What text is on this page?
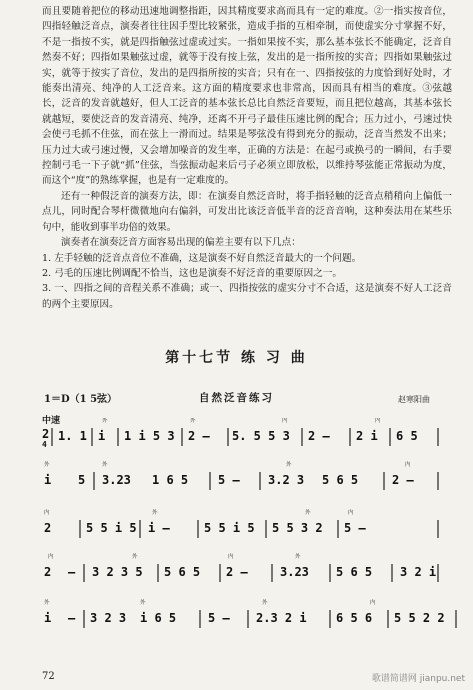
而且要随着把位的移动迅速地调整指距，因其精度要求高而具有一定的难度。②一指实按音位，四指轻触泛音点，演奏者往往因手型比较紧张，造成手指的互相牵制，而使虚实分寸掌握不好，不是一指按不实，就是四指触弦过虚或过实。一指如果按不实，那么基本弦长不能确定，泛音自然奏不好；四指如果触弦过虚，就等于没有按上弦，发出的是一指所按的实音；四指如果触弦过实，就等于按实了音位，发出的是四指所按的实音；只有在一、四指按弦的力度恰到好处时，才能奏出清亮、纯净的人工泛音来。这方面的精度要求也非常高，因而具有相当的难度。③弦越长，泛音的发音就越好，但人工泛音的基本弦长总比自然泛音要短，而且把位越高，其基本弦长就越短，要使泛音的发音清亮、纯净，还离不开弓子最佳压速比例的配合；压力过小，弓速过快会使弓毛抓不住弦，而在弦上一滑而过。结果是琴弦没有得到充分的振动，泛音当然发不出来；压力过大或弓速过慢，又会增加噪音的发生率，正确的方法是：在起弓或换弓的一瞬间，右手要控制弓毛一下子就“抓”住弦，当弦振动起来后弓子必须立即放松，以维持琴弦能正常振动为度，而这个“度”的熟练掌握，也是有一定难度的。

还有一种假泛音的演奏方法，即：在演奏自然泛音时，将手指轻触的泛音点稍稍向上偏低一点儿，同时配合琴杆微微地向右偏斜，可发出比该泛音低半音的泛音音响，这种奏法用在某些乐句中，能收到事半功倍的效果。

演奏者在演奏泛音方面容易出现的偏差主要有以下几点：

1. 左手轻触的泛音点音位不准确，这是演奏不好自然泛音最大的一个问题。

2. 弓毛的压速比例调配不恰当，这也是演奏不好泛音的重要原因之一。

3. 一、四指之间的音程关系不准确；或一、四指按弦的虚实分寸不合适，这是演奏不好人工泛音的两个主要原因。

第十七节 练 习 曲
1＝D（1 5弦）	自然泛音练习	赵寒阳曲
中速	外	外	内	内
2
4
1. 1 i 1 i 5 3 2 – 5. 5 5 3 2 – 2 i 6 5
外	外	外	内
i 5 3.23 1 6 5 5 – 3.2 3 5 6 5	2 –
内	外	外	内
2	5 5 i 5 i –	5 5 i 5 5 5 3 2 5 –
内	外	内	外
2 – 3 2 3 5 5 6 5 2 –	3.23 5 6 5 3 2 i
外	外	外	内
i – 3 2 3 i 6 5	5 – 2.3 2 i 6 5 6 5 5 2 2
72	歌谱简谱网 jianpu.net
